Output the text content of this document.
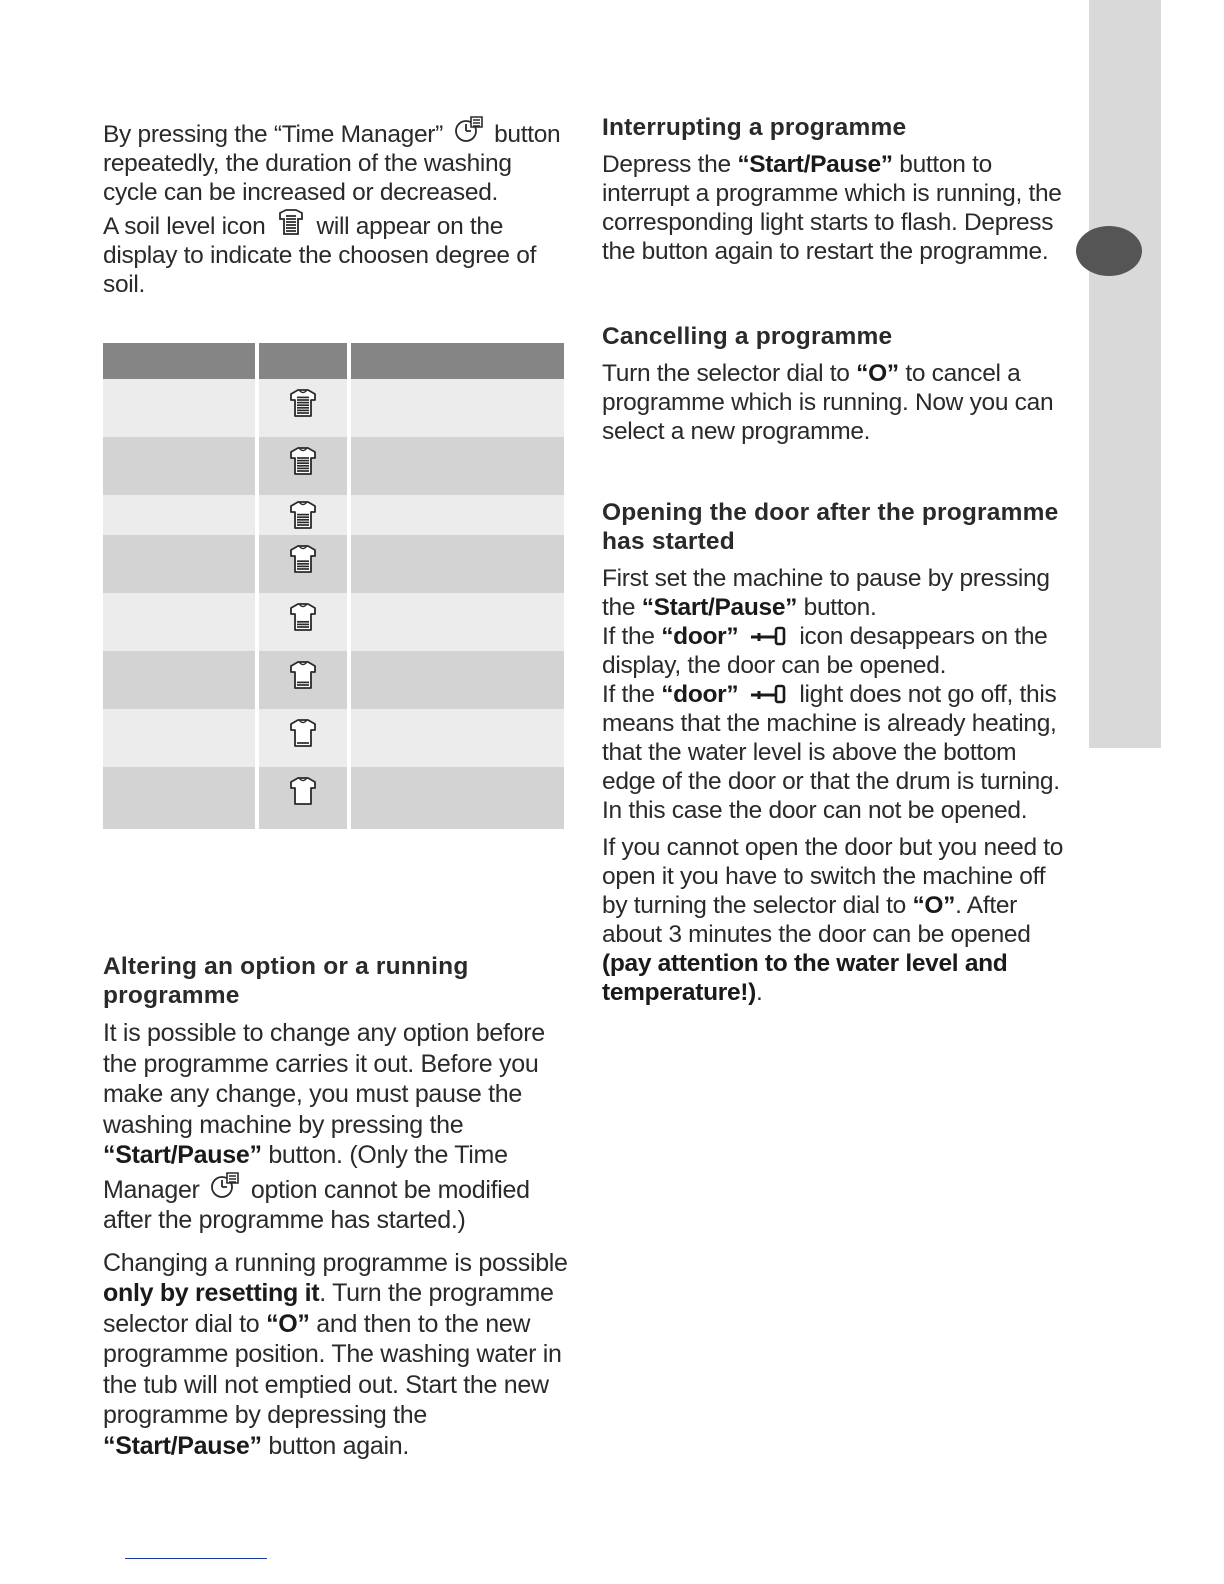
By pressing the “Time Manager” button repeatedly, the duration of the washing cycle can be increased or decreased.

A soil level icon will appear on the display to indicate the choosen degree of soil.

Altering an option or a running programme

It is possible to change any option before the programme carries it out. Before you make any change, you must pause the washing machine by pressing the “Start/Pause” button. (Only the Time Manager option cannot be modified after the programme has started.)

Changing a running programme is possible only by resetting it. Turn the programme selector dial to “O” and then to the new programme position. The washing water in the tub will not emptied out. Start the new programme by depressing the “Start/Pause” button again.

Interrupting a programme

Depress the “Start/Pause” button to interrupt a programme which is running, the corresponding light starts to flash. Depress the button again to restart the programme.

Cancelling a programme

Turn the selector dial to “O” to cancel a programme which is running. Now you can select a new programme.

Opening the door after the programme has started

First set the machine to pause by pressing the “Start/Pause” button.

If the “door” icon desappears on the display, the door can be opened.

If the “door” light does not go off, this means that the machine is already heating, that the water level is above the bottom edge of the door or that the drum is turning.

In this case the door can not be opened.

If you cannot open the door but you need to open it you have to switch the machine off by turning the selector dial to “O”. After about 3 minutes the door can be opened (pay attention to the water level and temperature!).
